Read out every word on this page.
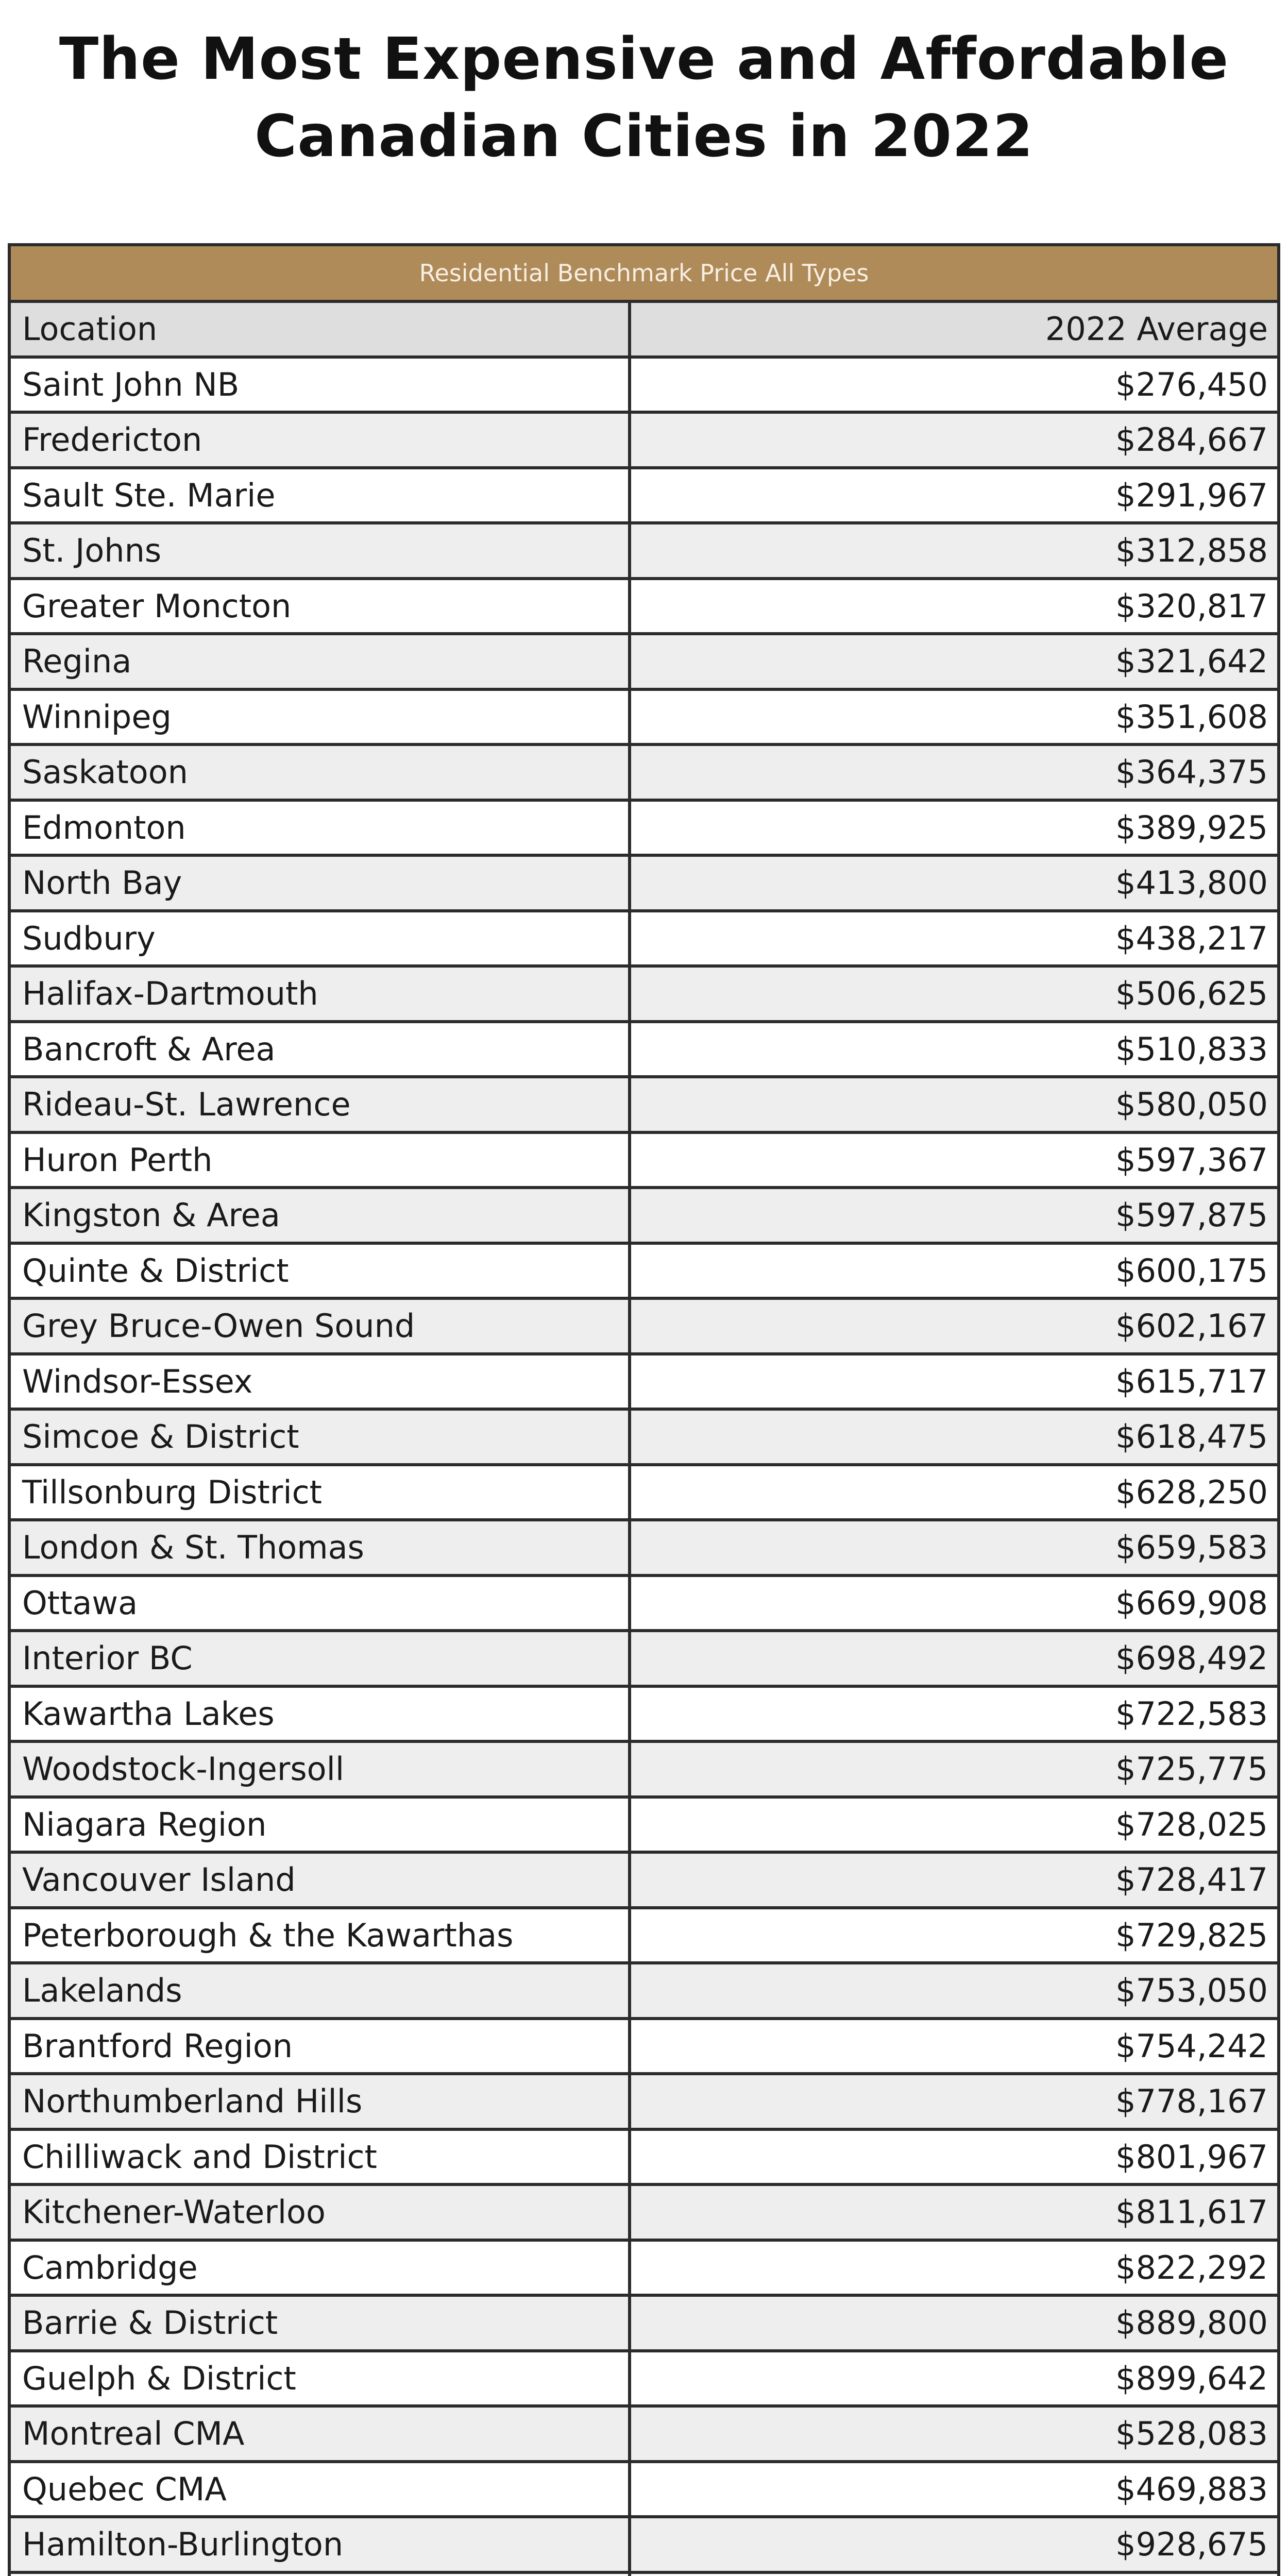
The Most Expensive and Affordable
Canadian Cities in 2022
Residential Benchmark Price All Types
Location	2022 Average
Saint John NB	$276,450
Fredericton	$284,667
Sault Ste. Marie	$291,967
St. Johns	$312,858
Greater Moncton	$320,817
Regina	$321,642
Winnipeg	$351,608
Saskatoon	$364,375
Edmonton	$389,925
North Bay	$413,800
Sudbury	$438,217
Halifax-Dartmouth	$506,625
Bancroft & Area	$510,833
Rideau-St. Lawrence	$580,050
Huron Perth	$597,367
Kingston & Area	$597,875
Quinte & District	$600,175
Grey Bruce-Owen Sound	$602,167
Windsor-Essex	$615,717
Simcoe & District	$618,475
Tillsonburg District	$628,250
London & St. Thomas	$659,583
Ottawa	$669,908
Interior BC	$698,492
Kawartha Lakes	$722,583
Woodstock-Ingersoll	$725,775
Niagara Region	$728,025
Vancouver Island	$728,417
Peterborough & the Kawarthas	$729,825
Lakelands	$753,050
Brantford Region	$754,242
Northumberland Hills	$778,167
Chilliwack and District	$801,967
Kitchener-Waterloo	$811,617
Cambridge	$822,292
Barrie & District	$889,800
Guelph & District	$899,642
Montreal CMA	$528,083
Quebec CMA	$469,883
Hamilton-Burlington	$928,675
